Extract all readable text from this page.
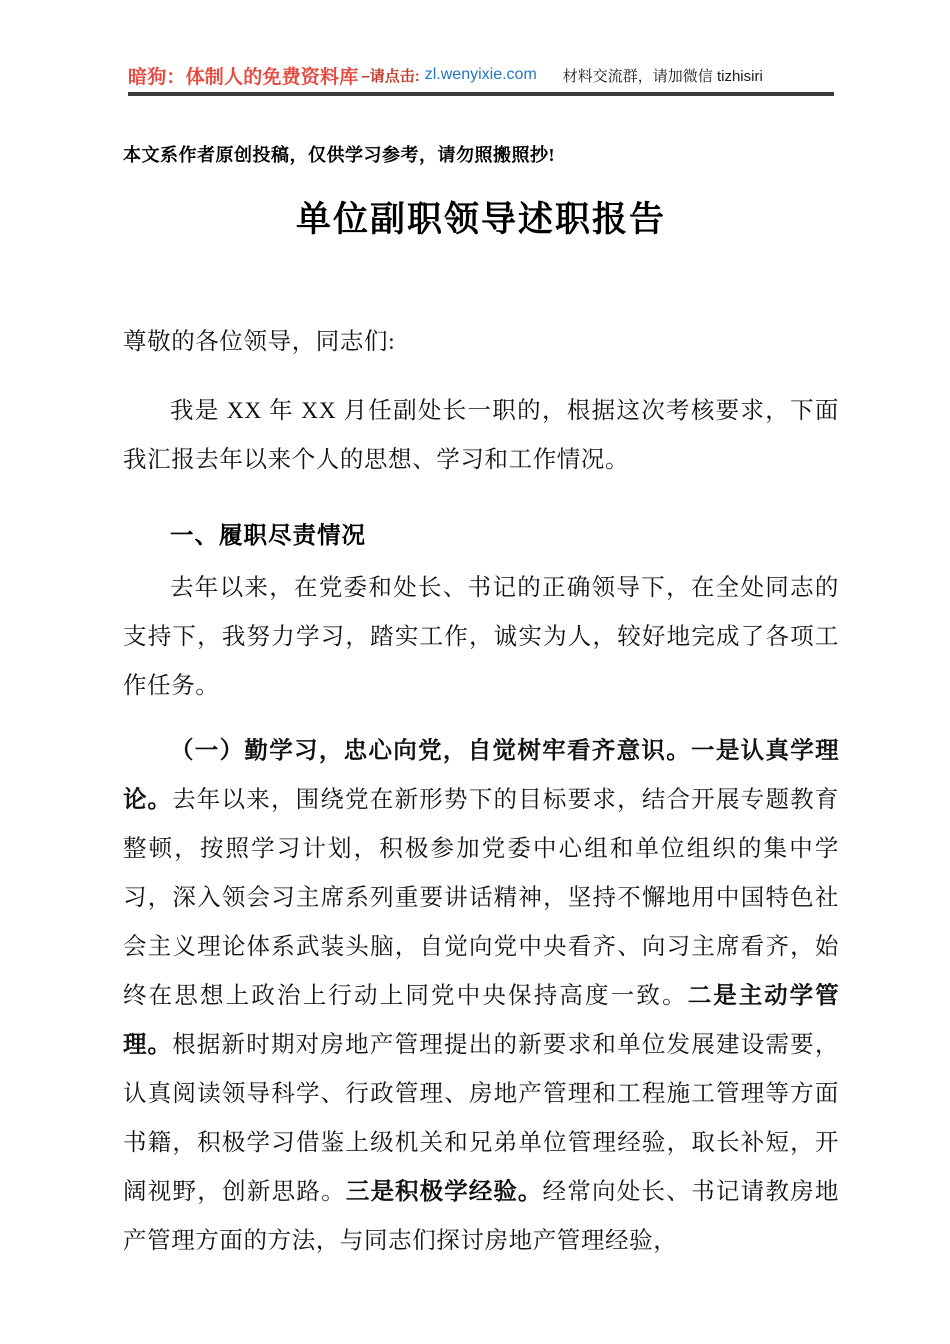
暗狗：体制人的免费资料库 –请点击: zl.wenyixie.com 材料交流群，请加微信 tizhisiri

本文系作者原创投稿，仅供学习参考，请勿照搬照抄!

单位副职领导述职报告

尊敬的各位领导，同志们:

我是 XX 年 XX 月任副处长一职的，根据这次考核要求，下面我汇报去年以来个人的思想、学习和工作情况。

一、履职尽责情况

去年以来，在党委和处长、书记的正确领导下，在全处同志的支持下，我努力学习，踏实工作，诚实为人，较好地完成了各项工作任务。

（一）勤学习，忠心向党，自觉树牢看齐意识。一是认真学理论。去年以来，围绕党在新形势下的目标要求，结合开展专题教育整顿，按照学习计划，积极参加党委中心组和单位组织的集中学习，深入领会习主席系列重要讲话精神，坚持不懈地用中国特色社会主义理论体系武装头脑，自觉向党中央看齐、向习主席看齐，始终在思想上政治上行动上同党中央保持高度一致。二是主动学管理。根据新时期对房地产管理提出的新要求和单位发展建设需要，认真阅读领导科学、行政管理、房地产管理和工程施工管理等方面书籍，积极学习借鉴上级机关和兄弟单位管理经验，取长补短，开阔视野，创新思路。三是积极学经验。经常向处长、书记请教房地产管理方面的方法，与同志们探讨房地产管理经验，
